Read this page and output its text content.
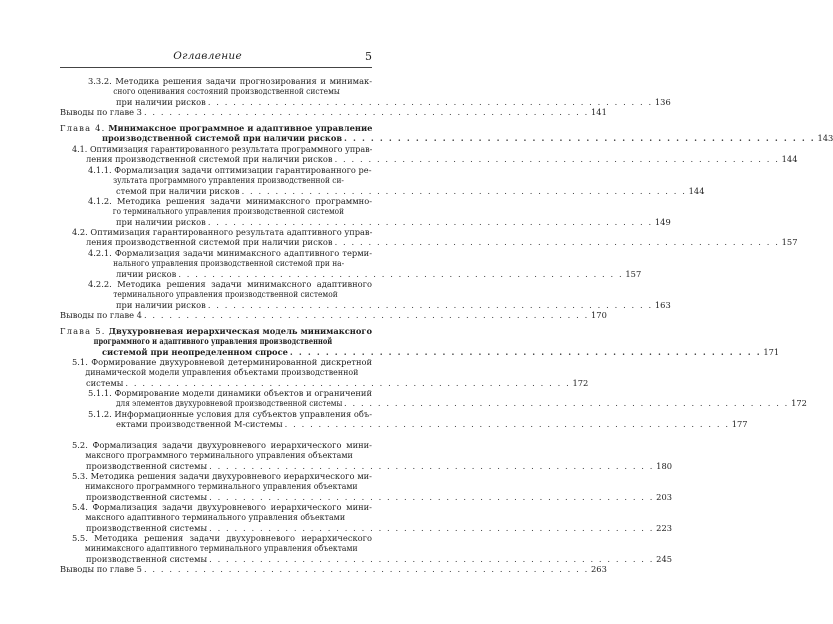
Оглавление	5
3.3.2. Методика решения задачи прогнозирования и минимак-
сного оценивания состояний производственной системы
при наличии рисков . . . . . . . . . . . . . . . . . . . . . . . . . . . . . . . . . . . . . . . . . . . . . . . . . . . . . 136
Выводы по главе 3 . . . . . . . . . . . . . . . . . . . . . . . . . . . . . . . . . . . . . . . . . . . . . . . . . . . . . 141
Глава 4. Минимаксное программное и адаптивное управление
производственной системой при наличии рисков . . . . . . . . . . . . . . . . . . . . . . . . . . . . . . . . . . . . . . . . . . . . . . . . . . . . . 143
4.1. Оптимизация гарантированного результата программного управ-
ления производственной системой при наличии рисков . . . . . . . . . . . . . . . . . . . . . . . . . . . . . . . . . . . . . . . . . . . . . . . . . . . . . 144
4.1.1. Формализация задачи оптимизации гарантированного ре-зультата программного управления производственной си-
стемой при наличии рисков . . . . . . . . . . . . . . . . . . . . . . . . . . . . . . . . . . . . . . . . . . . . . . . . . . . . . 144
4.1.2. Методика решения задачи минимаксного программно-
го терминального управления производственной системой
при наличии рисков . . . . . . . . . . . . . . . . . . . . . . . . . . . . . . . . . . . . . . . . . . . . . . . . . . . . . 149
4.2. Оптимизация гарантированного результата адаптивного управ-
ления производственной системой при наличии рисков . . . . . . . . . . . . . . . . . . . . . . . . . . . . . . . . . . . . . . . . . . . . . . . . . . . . . 157
4.2.1. Формализация задачи минимаксного адаптивного терми-
нального управления производственной системой при на-
личии рисков . . . . . . . . . . . . . . . . . . . . . . . . . . . . . . . . . . . . . . . . . . . . . . . . . . . . . 157
4.2.2. Методика решения задачи минимаксного адаптивного
терминального управления производственной системой
при наличии рисков . . . . . . . . . . . . . . . . . . . . . . . . . . . . . . . . . . . . . . . . . . . . . . . . . . . . . 163
Выводы по главе 4 . . . . . . . . . . . . . . . . . . . . . . . . . . . . . . . . . . . . . . . . . . . . . . . . . . . . . 170
Глава 5. Двухуровневая иерархическая модель минимаксного
программного и адаптивного управления производственной
системой при неопределенном спросе . . . . . . . . . . . . . . . . . . . . . . . . . . . . . . . . . . . . . . . . . . . . . . . . . . . . . 171
5.1. Формирование двухуровневой детерминированной дискретной
динамической модели управления объектами производственной
системы . . . . . . . . . . . . . . . . . . . . . . . . . . . . . . . . . . . . . . . . . . . . . . . . . . . . . 172
5.1.1. Формирование модели динамики объектов и ограничений
для элементов двухуровневой производственной системы . . . . . . . . . . . . . . . . . . . . . . . . . . . . . . . . . . . . . . . . . . . . . . . . . . . . . 172
5.1.2. Информационные условия для субъектов управления объ-
ектами производственной M-системы . . . . . . . . . . . . . . . . . . . . . . . . . . . . . . . . . . . . . . . . . . . . . . . . . . . . . 177
5.2. Формализация задачи двухуровневого иерархического мини-
максного программного терминального управления объектами
производственной системы . . . . . . . . . . . . . . . . . . . . . . . . . . . . . . . . . . . . . . . . . . . . . . . . . . . . . 180
5.3. Методика решения задачи двухуровневого иерархического ми-
нимаксного программного терминального управления объектами
производственной системы . . . . . . . . . . . . . . . . . . . . . . . . . . . . . . . . . . . . . . . . . . . . . . . . . . . . . 203
5.4. Формализация задачи двухуровневого иерархического мини-
максного адаптивного терминального управления объектами
производственной системы . . . . . . . . . . . . . . . . . . . . . . . . . . . . . . . . . . . . . . . . . . . . . . . . . . . . . 223
5.5. Методика решения задачи двухуровневого иерархического
минимаксного адаптивного терминального управления объектами
производственной системы . . . . . . . . . . . . . . . . . . . . . . . . . . . . . . . . . . . . . . . . . . . . . . . . . . . . . 245
Выводы по главе 5 . . . . . . . . . . . . . . . . . . . . . . . . . . . . . . . . . . . . . . . . . . . . . . . . . . . . . 263
